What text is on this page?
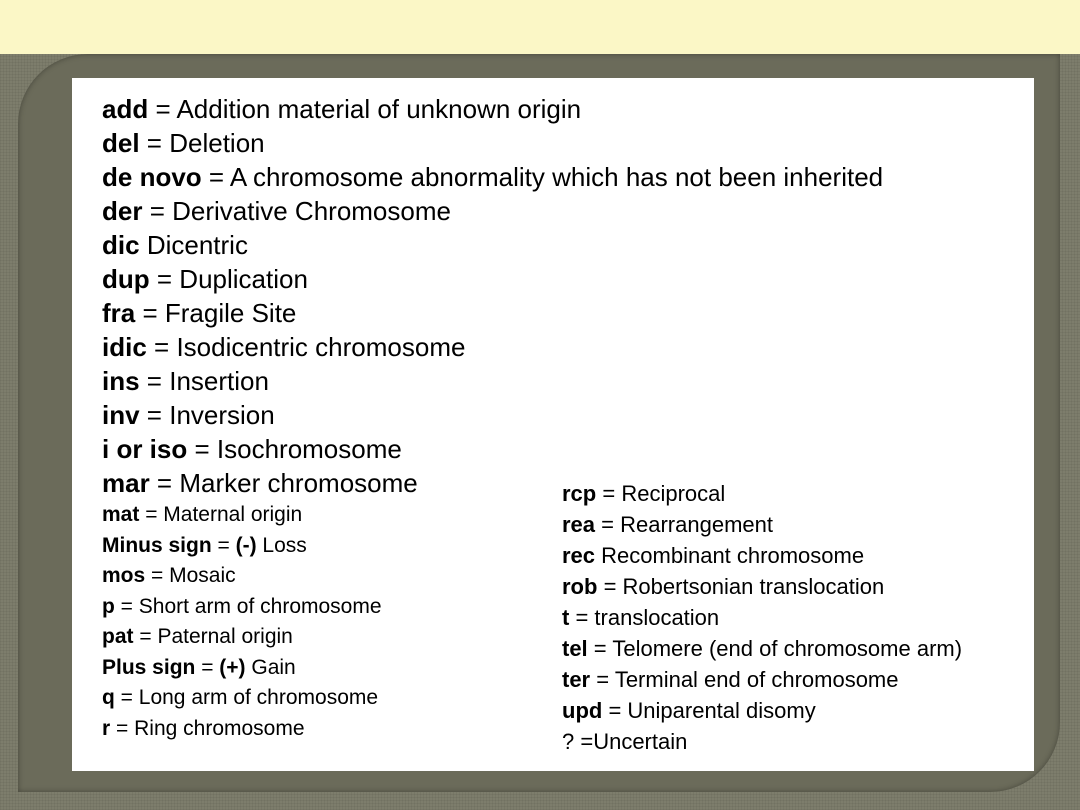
add = Addition material of unknown origin
del = Deletion
de novo = A chromosome abnormality which has not been inherited
der = Derivative Chromosome
dic Dicentric
dup = Duplication
fra = Fragile Site
idic = Isodicentric chromosome
ins = Insertion
inv = Inversion
i or iso = Isochromosome
mar = Marker chromosome
mat = Maternal origin
Minus sign = (-) Loss
mos = Mosaic
p = Short arm of chromosome
pat = Paternal origin
Plus sign = (+) Gain
q = Long arm of chromosome
r = Ring chromosome
rcp = Reciprocal
rea = Rearrangement
rec Recombinant chromosome
rob = Robertsonian translocation
t = translocation
tel = Telomere (end of chromosome arm)
ter = Terminal end of chromosome
upd = Uniparental disomy
? =Uncertain
